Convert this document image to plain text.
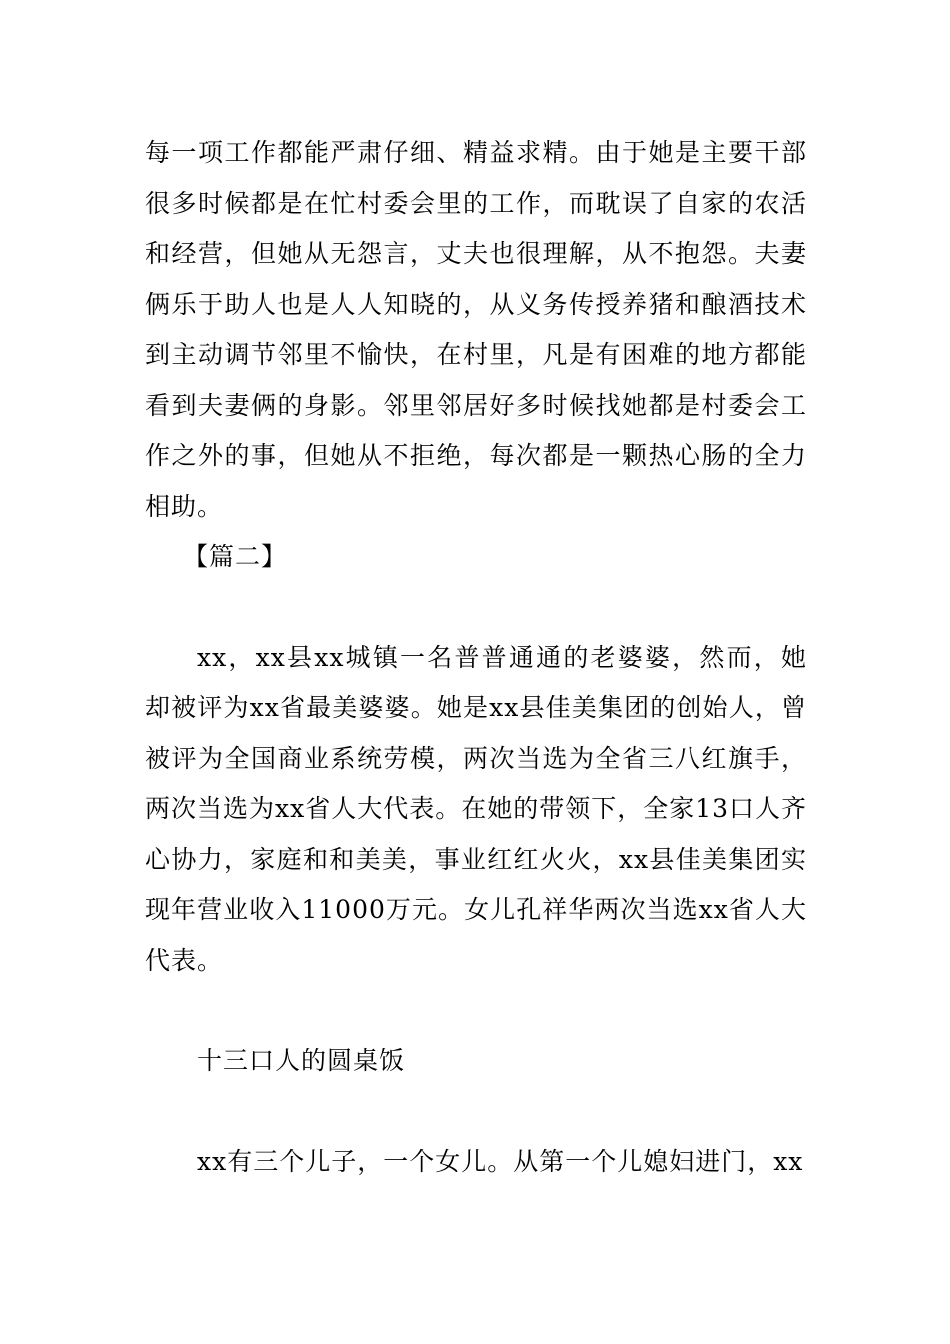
每一项工作都能严肃仔细、精益求精。由于她是主要干部很多时候都是在忙村委会里的工作，而耽误了自家的农活和经营，但她从无怨言，丈夫也很理解，从不抱怨。夫妻俩乐于助人也是人人知晓的，从义务传授养猪和酿酒技术到主动调节邻里不愉快，在村里，凡是有困难的地方都能看到夫妻俩的身影。邻里邻居好多时候找她都是村委会工作之外的事，但她从不拒绝，每次都是一颗热心肠的全力相助。

【篇二】

xx，xx县xx城镇一名普普通通的老婆婆，然而，她却被评为xx省最美婆婆。她是xx县佳美集团的创始人，曾被评为全国商业系统劳模，两次当选为全省三八红旗手，两次当选为xx省人大代表。在她的带领下，全家13口人齐心协力，家庭和和美美，事业红红火火，xx县佳美集团实现年营业收入11000万元。女儿孔祥华两次当选xx省人大代表。

十三口人的圆桌饭

xx有三个儿子，一个女儿。从第一个儿媳妇进门，xx
